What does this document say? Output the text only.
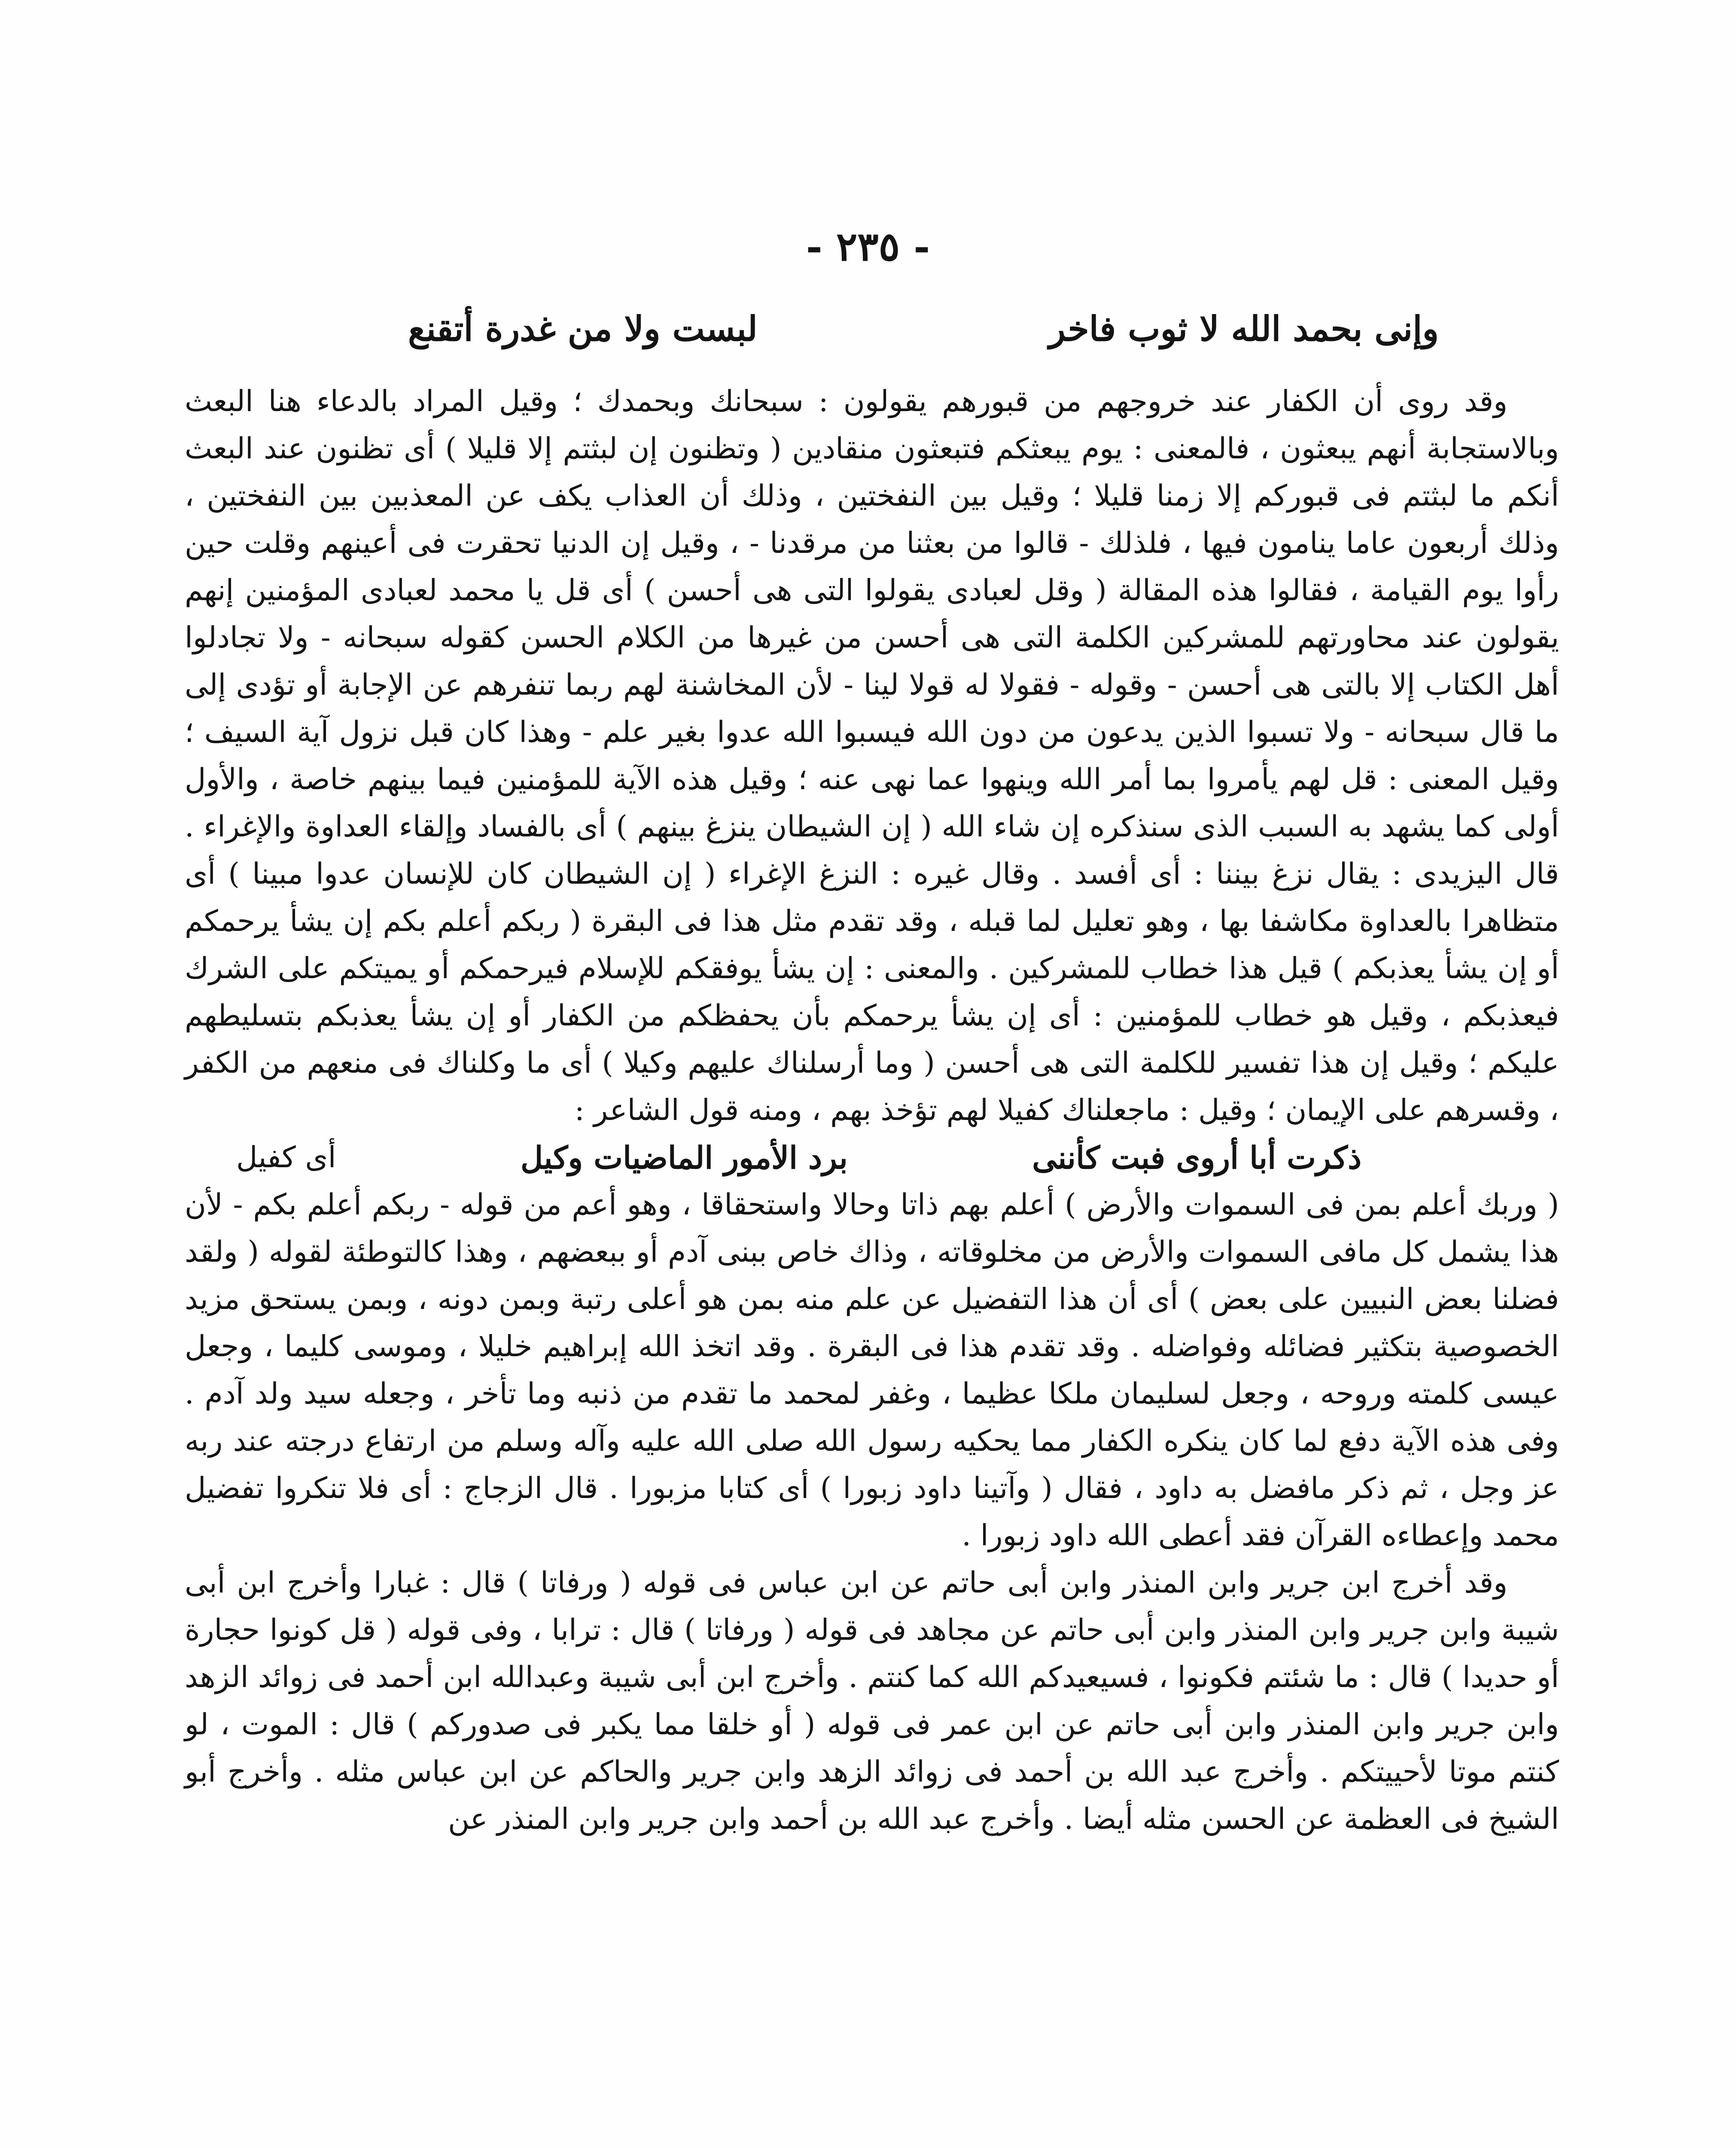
- ٢٣٥ -
وإنى بحمد الله لا ثوب فاخر
لبست ولا من غدرة أتقنع

وقد روى أن الكفار عند خروجهم من قبورهم يقولون : سبحانك وبحمدك ؛ وقيل المراد بالدعاء هنا البعث وبالاستجابة أنهم يبعثون ، فالمعنى : يوم يبعثكم فتبعثون منقادين ( وتظنون إن لبثتم إلا قليلا ) أى تظنون عند البعث أنكم ما لبثتم فى قبوركم إلا زمنا قليلا ؛ وقيل بين النفختين ، وذلك أن العذاب يكف عن المعذبين بين النفختين ، وذلك أربعون عاما ينامون فيها ، فلذلك - قالوا من بعثنا من مرقدنا - ، وقيل إن الدنيا تحقرت فى أعينهم وقلت حين رأوا يوم القيامة ، فقالوا هذه المقالة ( وقل لعبادى يقولوا التى هى أحسن ) أى قل يا محمد لعبادى المؤمنين إنهم يقولون عند محاورتهم للمشركين الكلمة التى هى أحسن من غيرها من الكلام الحسن كقوله سبحانه - ولا تجادلوا أهل الكتاب إلا بالتى هى أحسن - وقوله - فقولا له قولا لينا - لأن المخاشنة لهم ربما تنفرهم عن الإجابة أو تؤدى إلى ما قال سبحانه - ولا تسبوا الذين يدعون من دون الله فيسبوا الله عدوا بغير علم - وهذا كان قبل نزول آية السيف ؛ وقيل المعنى : قل لهم يأمروا بما أمر الله وينهوا عما نهى عنه ؛ وقيل هذه الآية للمؤمنين فيما بينهم خاصة ، والأول أولى كما يشهد به السبب الذى سنذكره إن شاء الله ( إن الشيطان ينزغ بينهم ) أى بالفساد وإلقاء العداوة والإغراء . قال اليزيدى : يقال نزغ بيننا : أى أفسد . وقال غيره : النزغ الإغراء ( إن الشيطان كان للإنسان عدوا مبينا ) أى متظاهرا بالعداوة مكاشفا بها ، وهو تعليل لما قبله ، وقد تقدم مثل هذا فى البقرة ( ربكم أعلم بكم إن يشأ يرحمكم أو إن يشأ يعذبكم ) قيل هذا خطاب للمشركين . والمعنى : إن يشأ يوفقكم للإسلام فيرحمكم أو يميتكم على الشرك فيعذبكم ، وقيل هو خطاب للمؤمنين : أى إن يشأ يرحمكم بأن يحفظكم من الكفار أو إن يشأ يعذبكم بتسليطهم عليكم ؛ وقيل إن هذا تفسير للكلمة التى هى أحسن ( وما أرسلناك عليهم وكيلا ) أى ما وكلناك فى منعهم من الكفر ، وقسرهم على الإيمان ؛ وقيل : ماجعلناك كفيلا لهم تؤخذ بهم ، ومنه قول الشاعر :

ذكرت أبا أروى فبت كأننى
برد الأمور الماضيات وكيل
أى كفيل

( وربك أعلم بمن فى السموات والأرض ) أعلم بهم ذاتا وحالا واستحقاقا ، وهو أعم من قوله - ربكم أعلم بكم - لأن هذا يشمل كل مافى السموات والأرض من مخلوقاته ، وذاك خاص ببنى آدم أو ببعضهم ، وهذا كالتوطئة لقوله ( ولقد فضلنا بعض النبيين على بعض ) أى أن هذا التفضيل عن علم منه بمن هو أعلى رتبة وبمن دونه ، وبمن يستحق مزيد الخصوصية بتكثير فضائله وفواضله . وقد تقدم هذا فى البقرة . وقد اتخذ الله إبراهيم خليلا ، وموسى كليما ، وجعل عيسى كلمته وروحه ، وجعل لسليمان ملكا عظيما ، وغفر لمحمد ما تقدم من ذنبه وما تأخر ، وجعله سيد ولد آدم . وفى هذه الآية دفع لما كان ينكره الكفار مما يحكيه رسول الله صلى الله عليه وآله وسلم من ارتفاع درجته عند ربه عز وجل ، ثم ذكر مافضل به داود ، فقال ( وآتينا داود زبورا ) أى كتابا مزبورا . قال الزجاج : أى فلا تنكروا تفضيل محمد وإعطاءه القرآن فقد أعطى الله داود زبورا .

وقد أخرج ابن جرير وابن المنذر وابن أبى حاتم عن ابن عباس فى قوله ( ورفاتا ) قال : غبارا وأخرج ابن أبى شيبة وابن جرير وابن المنذر وابن أبى حاتم عن مجاهد فى قوله ( ورفاتا ) قال : ترابا ، وفى قوله ( قل كونوا حجارة أو حديدا ) قال : ما شئتم فكونوا ، فسيعيدكم الله كما كنتم . وأخرج ابن أبى شيبة وعبدالله ابن أحمد فى زوائد الزهد وابن جرير وابن المنذر وابن أبى حاتم عن ابن عمر فى قوله ( أو خلقا مما يكبر فى صدوركم ) قال : الموت ، لو كنتم موتا لأحييتكم . وأخرج عبد الله بن أحمد فى زوائد الزهد وابن جرير والحاكم عن ابن عباس مثله . وأخرج أبو الشيخ فى العظمة عن الحسن مثله أيضا . وأخرج عبد الله بن أحمد وابن جرير وابن المنذر عن
